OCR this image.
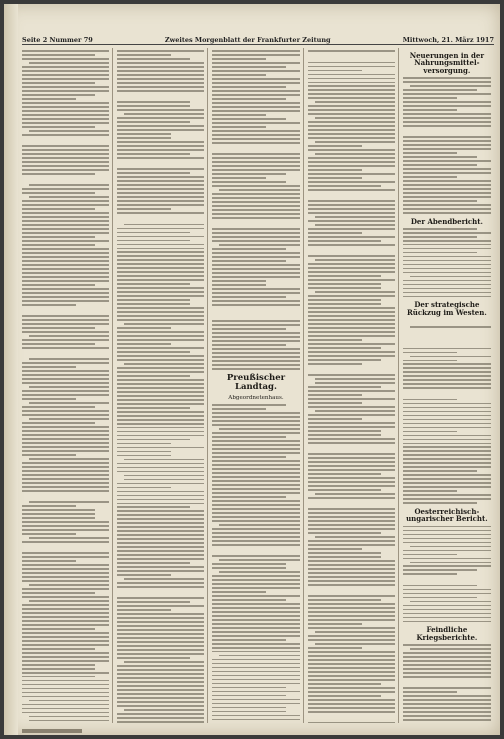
Seite 2 Nummer 79	Zweites Morgenblatt der Frankfurter Zeitung	Mittwoch, 21. März 1917
Preußischer Landtag.
Abgeordnetenhaus.
Neuerungen in der Nahrungsmittel-versorgung.
Der Abendbericht.
Der strategische Rückzug im Westen.
Oesterreichisch-ungarischer Bericht.
Feindliche Kriegsberichte.
